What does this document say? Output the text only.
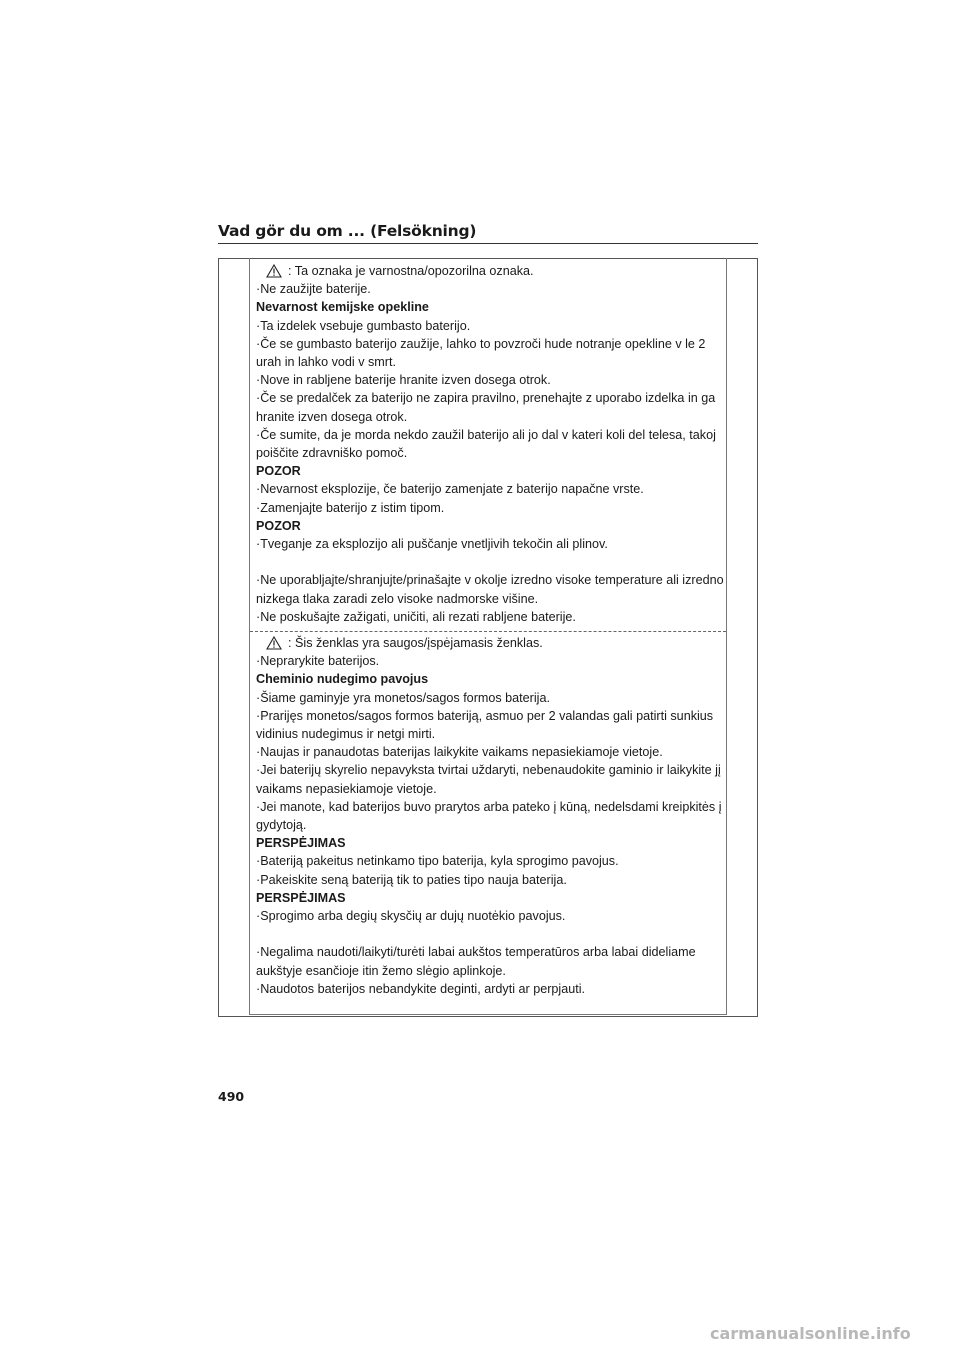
Vad gör du om ... (Felsökning)
: Ta oznaka je varnostna/opozorilna oznaka.

·Ne zaužijte baterije.

Nevarnost kemijske opekline

·Ta izdelek vsebuje gumbasto baterijo.

·Če se gumbasto baterijo zaužije, lahko to povzroči hude notranje opekline v le 2 urah in lahko vodi v smrt.

·Nove in rabljene baterije hranite izven dosega otrok.

·Če se predalček za baterijo ne zapira pravilno, prenehajte z uporabo izdelka in ga hranite izven dosega otrok.

·Če sumite, da je morda nekdo zaužil baterijo ali jo dal v kateri koli del telesa, takoj poiščite zdravniško pomoč.

POZOR

·Nevarnost eksplozije, če baterijo zamenjate z baterijo napačne vrste.

·Zamenjajte baterijo z istim tipom.

POZOR

·Tveganje za eksplozijo ali puščanje vnetljivih tekočin ali plinov.

·Ne uporabljajte/shranjujte/prinašajte v okolje izredno visoke temperature ali izredno nizkega tlaka zaradi zelo visoke nadmorske višine.

·Ne poskušajte zažigati, uničiti, ali rezati rabljene baterije.

: Šis ženklas yra saugos/įspėjamasis ženklas.

·Neprarykite baterijos.

Cheminio nudegimo pavojus

·Šiame gaminyje yra monetos/sagos formos baterija.

·Prarijęs monetos/sagos formos bateriją, asmuo per 2 valandas gali patirti sunkius vidinius nudegimus ir netgi mirti.

·Naujas ir panaudotas baterijas laikykite vaikams nepasiekiamoje vietoje.

·Jei baterijų skyrelio nepavyksta tvirtai uždaryti, nebenaudokite gaminio ir laikykite jį vaikams nepasiekiamoje vietoje.

·Jei manote, kad baterijos buvo prarytos arba pateko į kūną, nedelsdami kreipkitės į gydytoją.

PERSPĖJIMAS

·Bateriją pakeitus netinkamo tipo baterija, kyla sprogimo pavojus.

·Pakeiskite seną bateriją tik to paties tipo nauja baterija.

PERSPĖJIMAS

·Sprogimo arba degių skysčių ar dujų nuotėkio pavojus.

·Negalima naudoti/laikyti/turėti labai aukštos temperatūros arba labai dideliame aukštyje esančioje itin žemo slėgio aplinkoje.

·Naudotos baterijos nebandykite deginti, ardyti ar perpjauti.

490
carmanualsonline.info
